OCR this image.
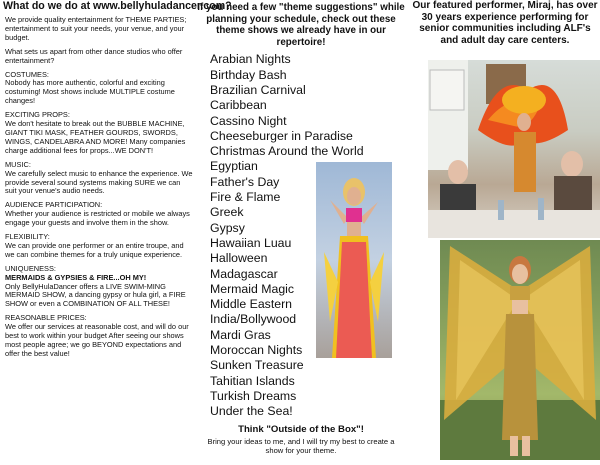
What do we do at www.bellyhuladancer.com?
We provide quality entertainment for THEME PARTIES; entertainment to suit your needs, your venue, and your budget.
What sets us apart from other dance studios who offer entertainment?
COSTUMES:
Nobody has more authentic, colorful and exciting costuming! Most shows include MULTIPLE costume changes!
EXCITING PROPS:
We don't hesitate to break out the BUBBLE MACHINE, GIANT TIKI MASK, FEATHER GOURDS, SWORDS, WINGS, CANDELABRA AND MORE! Many companies charge additional fees for props...WE DON'T!
MUSIC:
We carefully select music to enhance the experience. We provide several sound systems making SURE we can suit your venue's audio needs.
AUDIENCE PARTICIPATION:
Whether your audience is restricted or mobile we always engage your guests and involve them in the show.
FLEXIBILITY:
We can provide one performer or an entire troupe, and we can combine themes for a truly unique experience.
UNIQUENESS:
MERMAIDS & GYPSIES & FIRE...OH MY!
Only BellyHulaDancer offers a LIVE SWIM-MING MERMAID SHOW, a dancing gypsy or hula girl, a FIRE SHOW or even a COMBINATION OF ALL THESE!
REASONABLE PRICES:
We offer our services at reasonable cost, and will do our best to work within your budget After seeing our shows most people agree; we go BEYOND expectations and offer the best value!
If you need a few "theme suggestions" while planning your schedule, check out these theme shows we already have in our repertoire!
Arabian Nights
Birthday Bash
Brazilian Carnival
Caribbean
Cassino Night
Cheeseburger in Paradise
Christmas Around the World
Egyptian
Father's Day
Fire & Flame
Greek
Gypsy
Hawaiian Luau
Halloween
Madagascar
Mermaid Magic
Middle Eastern
India/Bollywood
Mardi Gras
Moroccan Nights
Sunken Treasure
Tahitian Islands
Turkish Dreams
Under the Sea!
Think "Outside of the Box"!
Bring your ideas to me, and I will try my best to create a show for your theme.
Our featured performer, Miraj, has over 30 years experience performing for senior communities including ALF's and adult day care centers.
